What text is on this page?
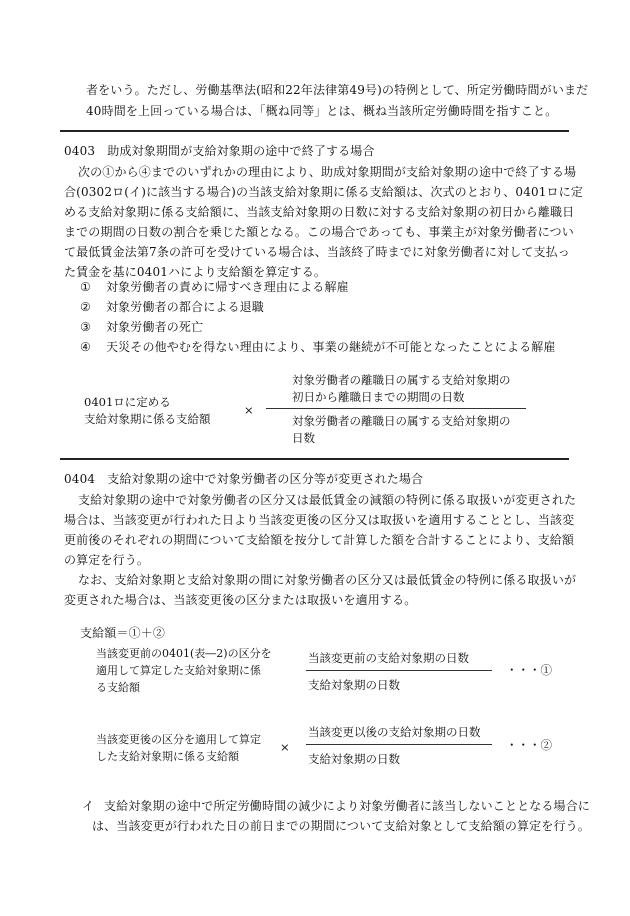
者をいう。ただし、労働基準法(昭和22年法律第49号)の特例として、所定労働時間がいまだ
40時間を上回っている場合は、「概ね同等」とは、概ね当該所定労働時間を指すこと。
0403　助成対象期間が支給対象期の途中で終了する場合
次の①から④までのいずれかの理由により、助成対象期間が支給対象期の途中で終了する場
合(0302ロ(イ)に該当する場合)の当該支給対象期に係る支給額は、次式のとおり、0401ロに定
める支給対象期に係る支給額に、当該支給対象期の日数に対する支給対象期の初日から離職日
までの期間の日数の割合を乗じた額となる。この場合であっても、事業主が対象労働者につい
て最低賃金法第7条の許可を受けている場合は、当該終了時までに対象労働者に対して支払っ
た賃金を基に0401ハにより支給額を算定する。
① 対象労働者の責めに帰すべき理由による解雇
② 対象労働者の都合による退職
③ 対象労働者の死亡
④ 天災その他やむを得ない理由により、事業の継続が不可能となったことによる解雇
0401ロに定める
支給対象期に係る支給額
×
対象労働者の離職日の属する支給対象期の
初日から離職日までの期間の日数
対象労働者の離職日の属する支給対象期の
日数
0404　支給対象期の途中で対象労働者の区分等が変更された場合
支給対象期の途中で対象労働者の区分又は最低賃金の減額の特例に係る取扱いが変更された
場合は、当該変更が行われた日より当該変更後の区分又は取扱いを適用することとし、当該変
更前後のそれぞれの期間について支給額を按分して計算した額を合計することにより、支給額
の算定を行う。
なお、支給対象期と支給対象期の間に対象労働者の区分又は最低賃金の特例に係る取扱いが
変更された場合は、当該変更後の区分または取扱いを適用する。
支給額＝①＋②
当該変更前の0401(表―2)の区分を
適用して算定した支給対象期に係
る支給額
×
当該変更前の支給対象期の日数
支給対象期の日数
・・・①
当該変更後の区分を適用して算定
した支給対象期に係る支給額
×
当該変更以後の支給対象期の日数
支給対象期の日数
・・・②
イ 支給対象期の途中で所定労働時間の減少により対象労働者に該当しないこととなる場合に
は、当該変更が行われた日の前日までの期間について支給対象として支給額の算定を行う。
